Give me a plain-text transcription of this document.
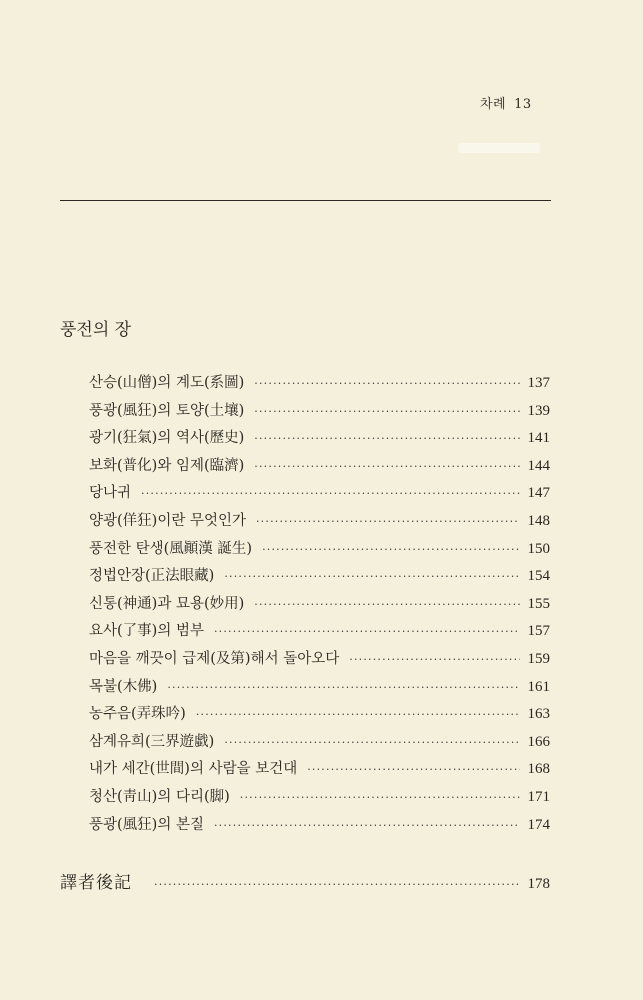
차례 13
풍전의 장
산승(山僧)의 계도(系圖) ·····	137
풍광(風狂)의 토양(土壤) ·····	139
광기(狂氣)의 역사(歷史) ·····	141
보화(普化)와 임제(臨濟) ·····	144
당나귀 ·····	147
양광(佯狂)이란 무엇인가 ·····	148
풍전한 탄생(風顚漢 誕生) ·····	150
정법안장(正法眼藏) ·····	154
신통(神通)과 묘용(妙用) ·····	155
요사(了事)의 범부 ·····	157
마음을 깨끗이 급제(及第)해서 돌아오다 ·····	159
목불(木佛) ·····	161
농주음(弄珠吟) ·····	163
삼계유희(三界遊戱) ·····	166
내가 세간(世間)의 사람을 보건대 ·····	168
청산(靑山)의 다리(脚) ·····	171
풍광(風狂)의 본질 ·····	174
譯者後記 ·····	178
